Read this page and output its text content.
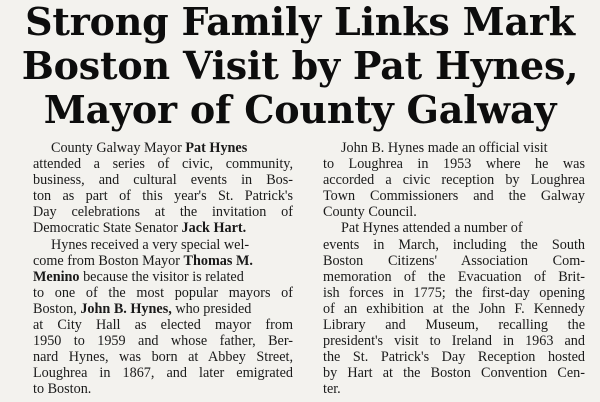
Strong Family Links Mark
Boston Visit by Pat Hynes,
Mayor of County Galway
County Galway Mayor Pat Hynes
attended a series of civic, community,
business, and cultural events in Bos-
ton as part of this year's St. Patrick's
Day celebrations at the invitation of
Democratic State Senator Jack Hart.
Hynes received a very special wel-
come from Boston Mayor Thomas M.
Menino because the visitor is related
to one of the most popular mayors of
Boston, John B. Hynes, who presided
at City Hall as elected mayor from
1950 to 1959 and whose father, Ber-
nard Hynes, was born at Abbey Street,
Loughrea in 1867, and later emigrated
to Boston.
John B. Hynes made an official visit
to Loughrea in 1953 where he was
accorded a civic reception by Loughrea
Town Commissioners and the Galway
County Council.
Pat Hynes attended a number of
events in March, including the South
Boston Citizens' Association Com-
memoration of the Evacuation of Brit-
ish forces in 1775; the first-day opening
of an exhibition at the John F. Kennedy
Library and Museum, recalling the
president's visit to Ireland in 1963 and
the St. Patrick's Day Reception hosted
by Hart at the Boston Convention Cen-
ter.
